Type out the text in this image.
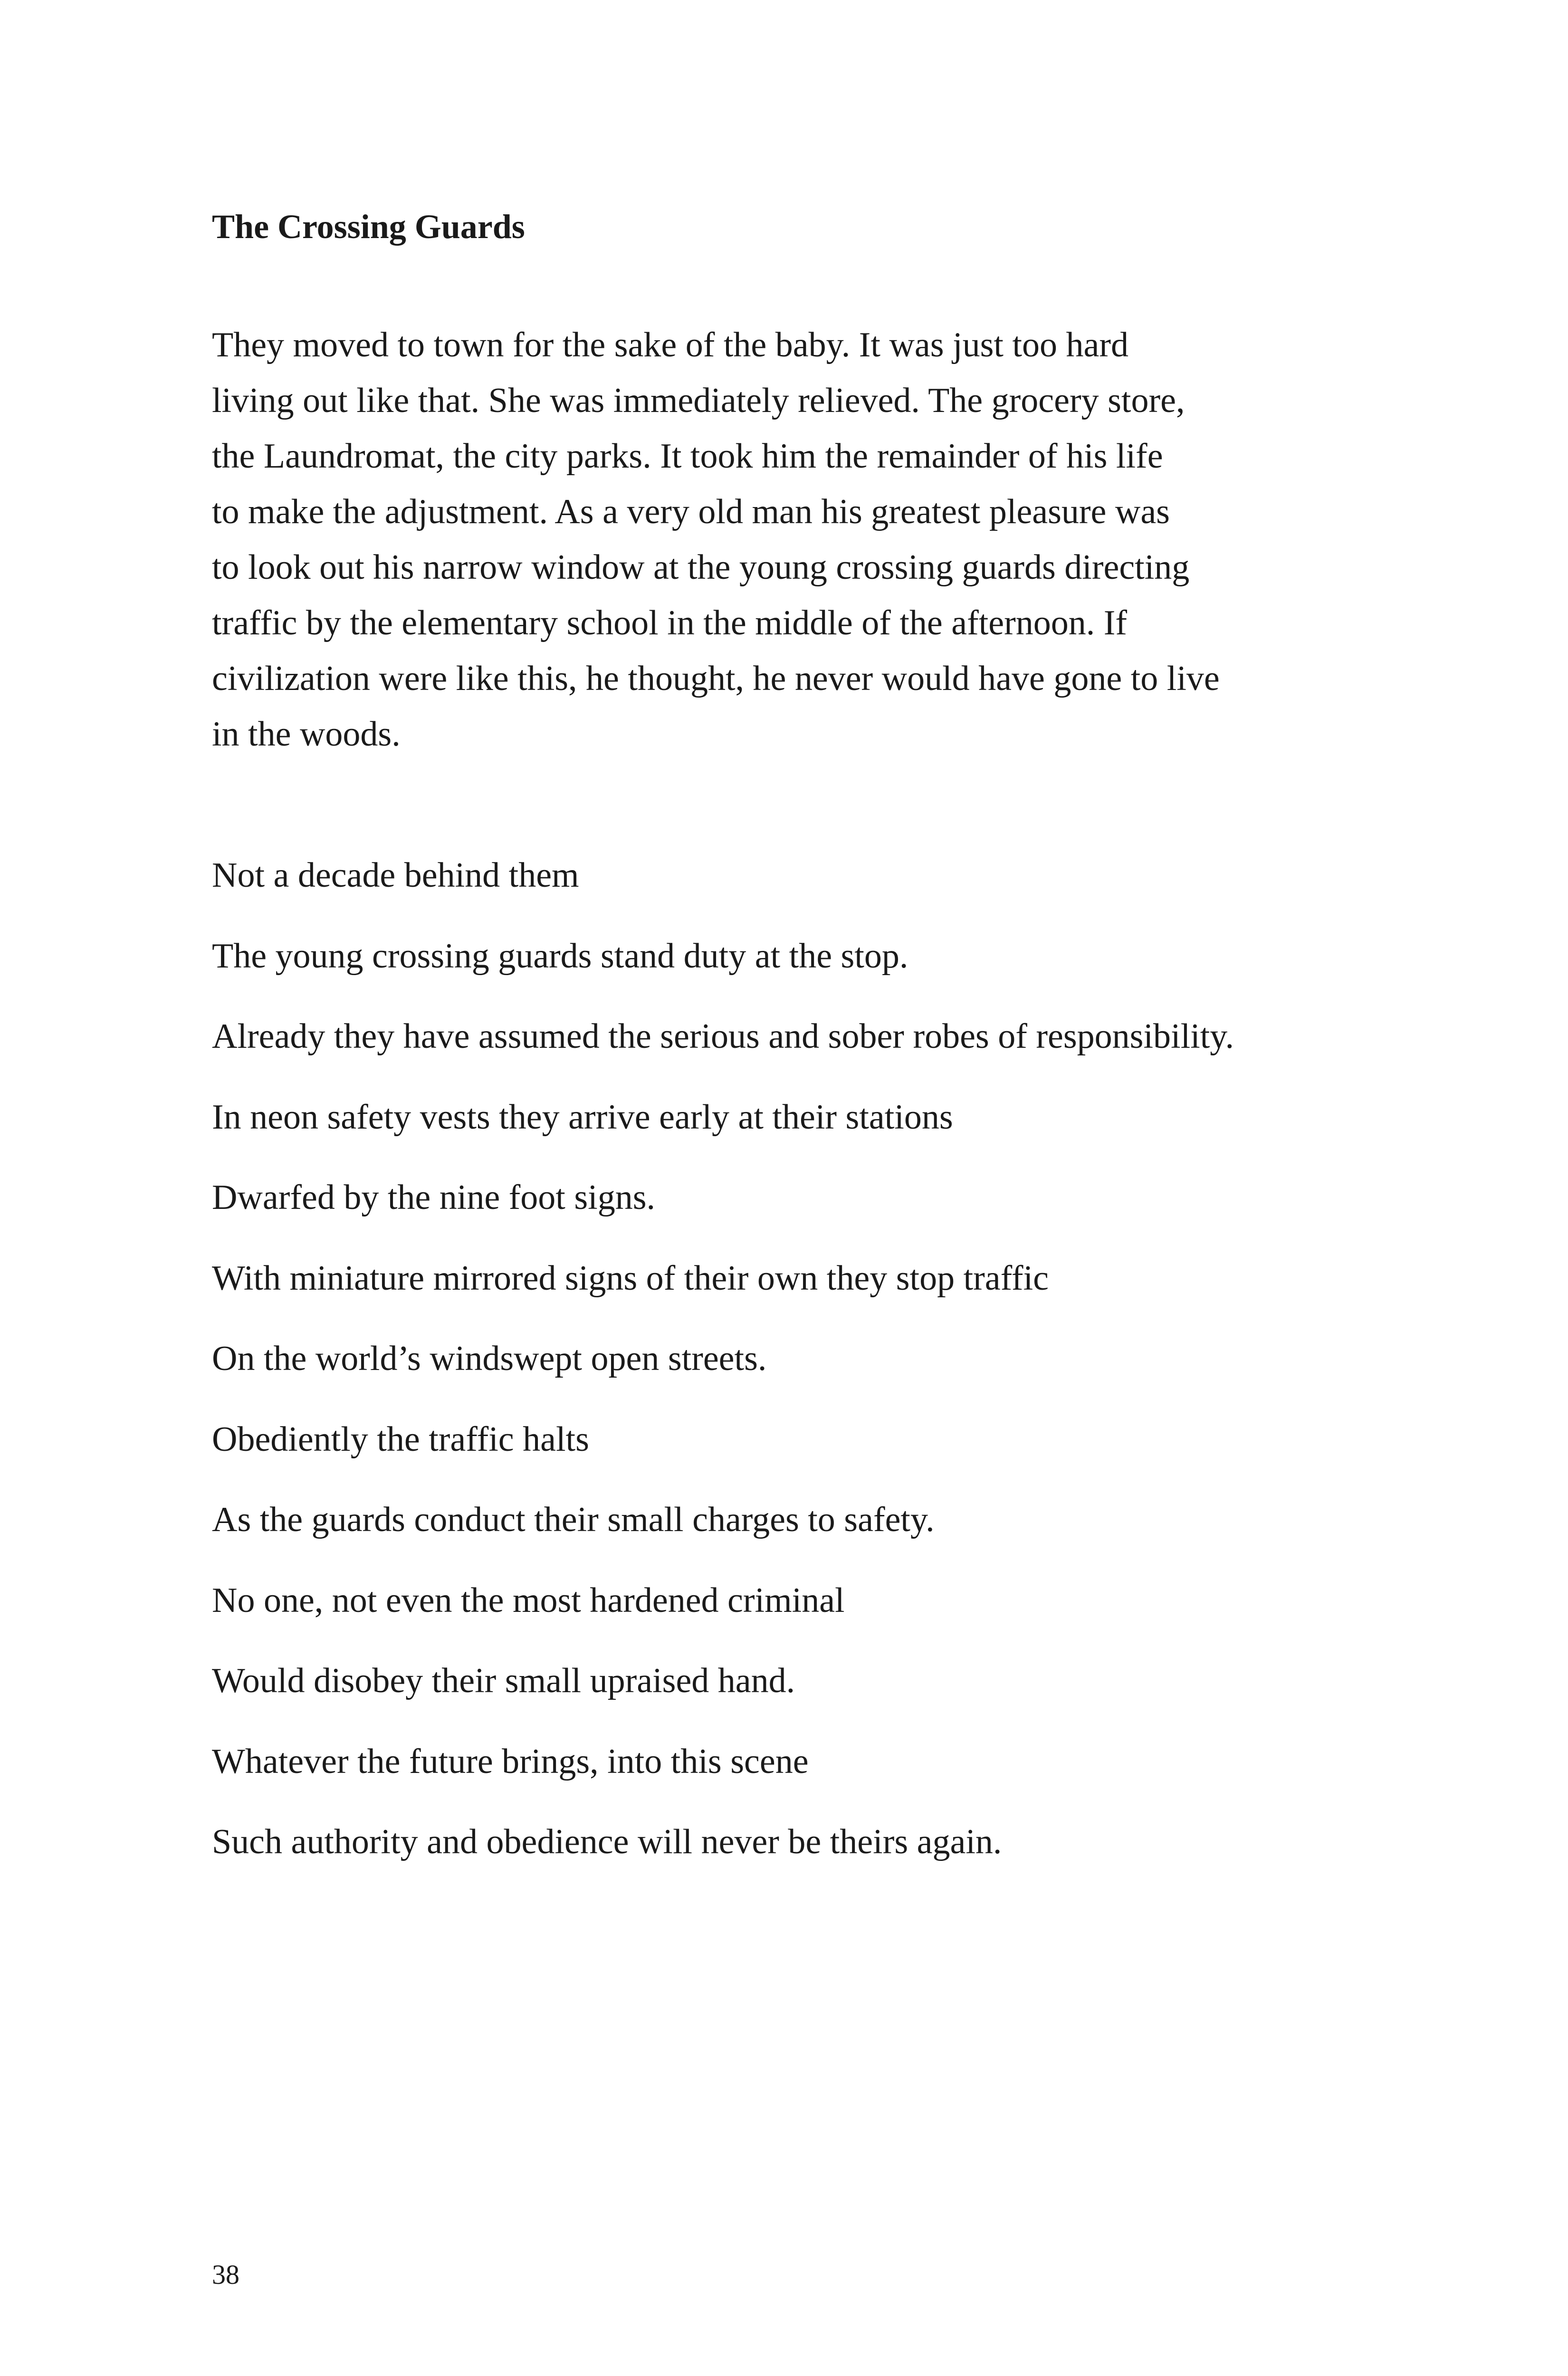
The Crossing Guards
They moved to town for the sake of the baby. It was just too hard
living out like that. She was immediately relieved. The grocery store,
the Laundromat, the city parks. It took him the remainder of his life
to make the adjustment. As a very old man his greatest pleasure was
to look out his narrow window at the young crossing guards directing
traffic by the elementary school in the middle of the afternoon. If
civilization were like this, he thought, he never would have gone to live
in the woods.
Not a decade behind them
The young crossing guards stand duty at the stop.
Already they have assumed the serious and sober robes of responsibility.
In neon safety vests they arrive early at their stations
Dwarfed by the nine foot signs.
With miniature mirrored signs of their own they stop traffic
On the world’s windswept open streets.
Obediently the traffic halts
As the guards conduct their small charges to safety.
No one, not even the most hardened criminal
Would disobey their small upraised hand.
Whatever the future brings, into this scene
Such authority and obedience will never be theirs again.

38
